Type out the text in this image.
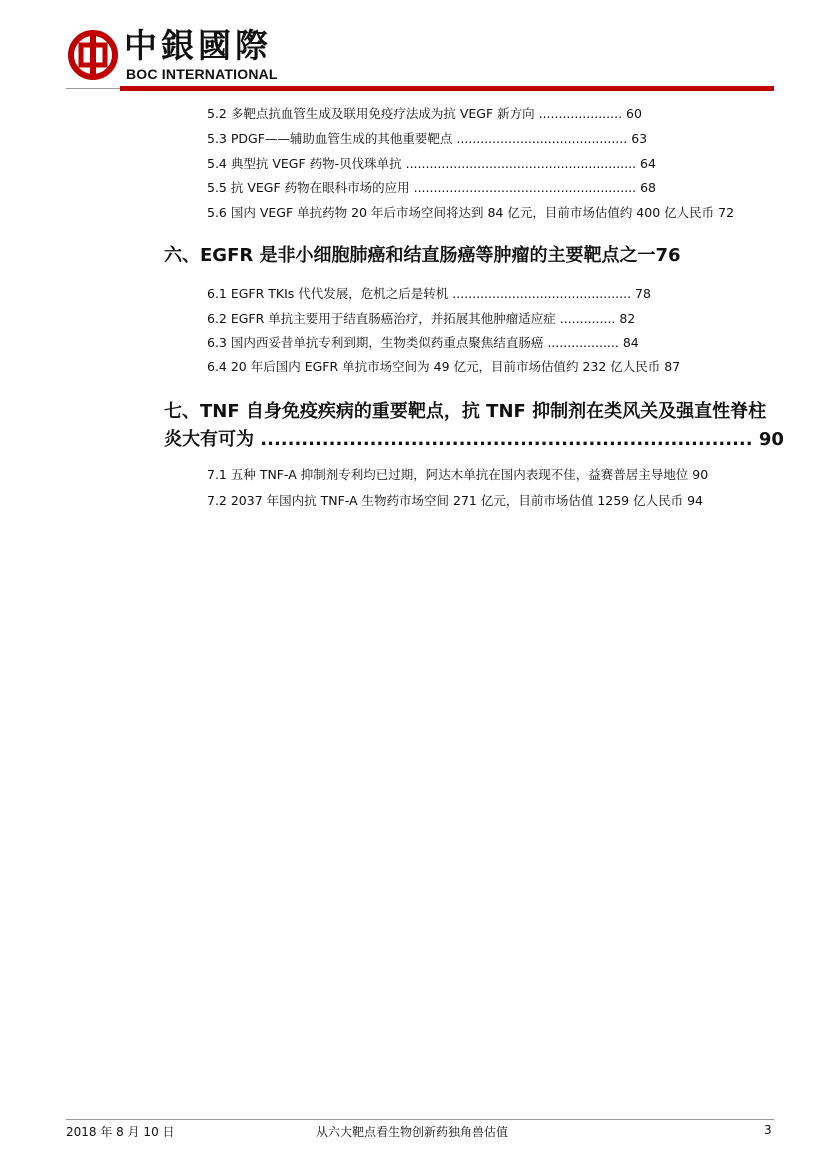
中銀國際
BOC INTERNATIONAL
5.2 多靶点抗血管生成及联用免疫疗法成为抗 VEGF 新方向 ..................... 60
5.3 PDGF——辅助血管生成的其他重要靶点 ........................................... 63
5.4 典型抗 VEGF 药物-贝伐珠单抗 .......................................................... 64
5.5 抗 VEGF 药物在眼科市场的应用 ........................................................ 68
5.6 国内 VEGF 单抗药物 20 年后市场空间将达到 84 亿元，目前市场估值约 400 亿人民币 72
六、EGFR 是非小细胞肺癌和结直肠癌等肿瘤的主要靶点之一76
6.1 EGFR TKIs 代代发展，危机之后是转机 ............................................. 78
6.2 EGFR 单抗主要用于结直肠癌治疗，并拓展其他肿瘤适应症 .............. 82
6.3 国内西妥昔单抗专利到期，生物类似药重点聚焦结直肠癌 .................. 84
6.4 20 年后国内 EGFR 单抗市场空间为 49 亿元，目前市场估值约 232 亿人民币 87
七、TNF 自身免疫疾病的重要靶点，抗 TNF 抑制剂在类风关及强直性脊柱
炎大有可为 ........................................................................ 90
7.1 五种 TNF-A 抑制剂专利均已过期，阿达木单抗在国内表现不佳，益赛普居主导地位 90
7.2 2037 年国内抗 TNF-A 生物药市场空间 271 亿元，目前市场估值 1259 亿人民币 94
2018 年 8 月 10 日	从六大靶点看生物创新药独角兽估值	3
